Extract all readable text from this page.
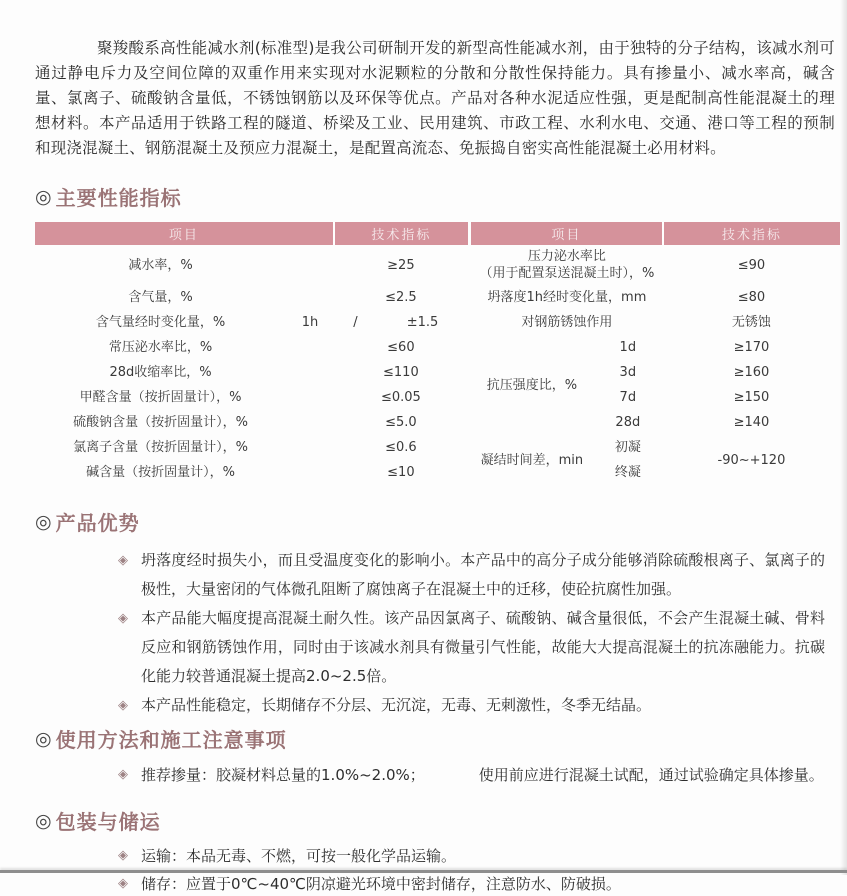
聚羧酸系高性能减水剂(标准型)是我公司研制开发的新型高性能减水剂，由于独特的分子结构，该减水剂可通过静电斥力及空间位障的双重作用来实现对水泥颗粒的分散和分散性保持能力。具有掺量小、减水率高，碱含量、氯离子、硫酸钠含量低，不锈蚀钢筋以及环保等优点。产品对各种水泥适应性强，更是配制高性能混凝土的理想材料。本产品适用于铁路工程的隧道、桥梁及工业、民用建筑、市政工程、水利水电、交通、港口等工程的预制和现浇混凝土、钢筋混凝土及预应力混凝土，是配置高流态、免振捣自密实高性能混凝土必用材料。

◎ 主要性能指标
项目		技术指标	
减水率，%		≥25	
含气量，%		≤2.5	
含气量经时变化量，%	1h	/	±1.5
常压泌水率比，%		≤60	
28d收缩率比，%		≤110	
甲醛含量（按折固量计），%		≤0.05	
硫酸钠含量（按折固量计），%		≤5.0	
氯离子含量（按折固量计），%		≤0.6	
碱含量（按折固量计），%		≤10	
项目		技术指标

压力泌水率比
（用于配置泵送混凝土时），%		≤90
坍落度1h经时变化量，mm		≤80
对钢筋锈蚀作用		无锈蚀
抗压强度比，%	1d	≥170
	3d	≥160
	7d	≥150
	28d	≥140
凝结时间差，min	初凝	-90~+120
	终凝	
◎ 产品优势
◈ 坍落度经时损失小，而且受温度变化的影响小。本产品中的高分子成分能够消除硫酸根离子、氯离子的极性，大量密闭的气体微孔阻断了腐蚀离子在混凝土中的迁移，使砼抗腐性加强。

◈ 本产品能大幅度提高混凝土耐久性。该产品因氯离子、硫酸钠、碱含量很低，不会产生混凝土碱、骨料反应和钢筋锈蚀作用，同时由于该减水剂具有微量引气性能，故能大大提高混凝土的抗冻融能力。抗碳化能力较普通混凝土提高2.0~2.5倍。

◈ 本产品性能稳定，长期储存不分层、无沉淀，无毒、无刺激性，冬季无结晶。

◎ 使用方法和施工注意事项
◈ 推荐掺量：胶凝材料总量的1.0%~2.0%；	使用前应进行混凝土试配，通过试验确定具体掺量。

◎ 包装与储运
◈ 运输：本品无毒、不燃，可按一般化学品运输。

◈ 储存：应置于0℃~40℃阴凉避光环境中密封储存，注意防水、防破损。
